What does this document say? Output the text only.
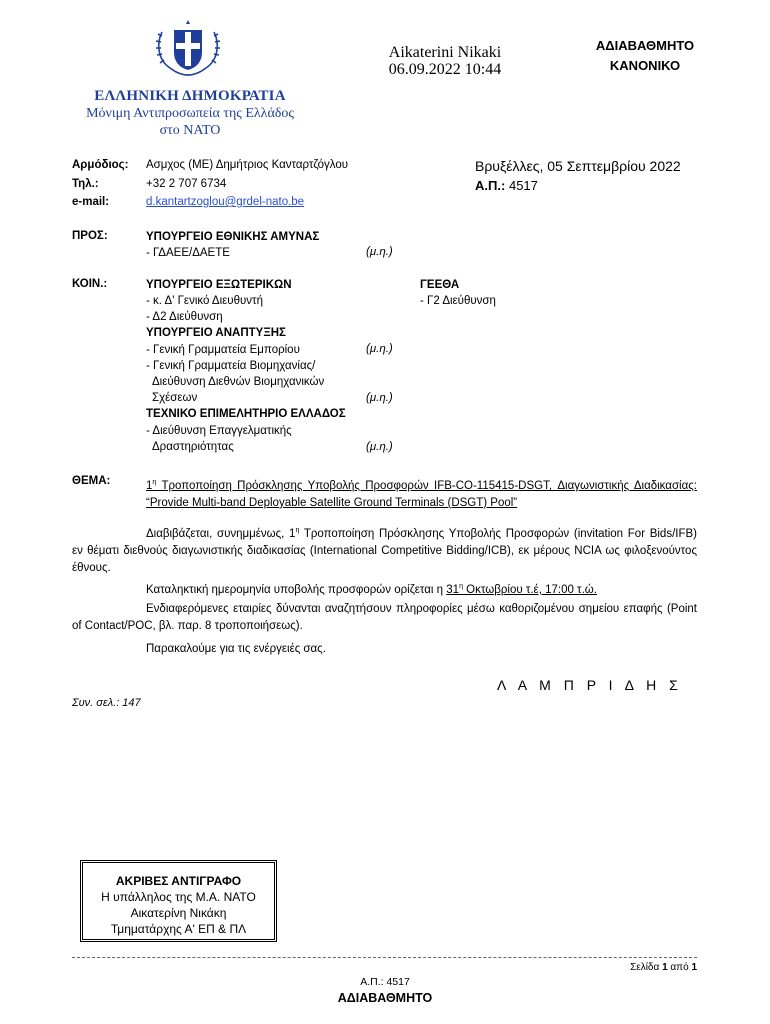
ΕΛΛΗΝΙΚΗ ΔΗΜΟΚΡΑΤΙΑ
Μόνιμη Αντιπροσωπεία της Ελλάδος
στο ΝΑΤΟ
Aikaterini Nikaki
06.09.2022 10:44
ΑΔΙΑΒΑΘΜΗΤΟ
ΚΑΝΟΝΙΚΟ
Αρμόδιος: Ασμχος (ΜΕ) Δημήτριος Κανταρτζόγλου
Τηλ.:	+32 2 707 6734
e-mail:	d.kantartzoglou@grdel-nato.be
Βρυξέλλες, 05 Σεπτεμβρίου 2022
Α.Π.: 4517
ΠΡΟΣ:	ΥΠΟΥΡΓΕΙΟ ΕΘΝΙΚΗΣ ΑΜΥΝΑΣ
- ΓΔΑΕΕ/ΔΑΕΤΕ	(μ.η.)
ΚΟΙΝ.:	ΥΠΟΥΡΓΕΙΟ ΕΞΩΤΕΡΙΚΩΝ
- κ. Δ' Γενικό Διευθυντή
- Δ2 Διεύθυνση
ΥΠΟΥΡΓΕΙΟ ΑΝΑΠΤΥΞΗΣ
- Γενική Γραμματεία Εμπορίου	(μ.η.)
- Γενική Γραμματεία Βιομηχανίας/
Διεύθυνση Διεθνών Βιομηχανικών
Σχέσεων	(μ.η.)
ΤΕΧΝΙΚΟ ΕΠΙΜΕΛΗΤΗΡΙΟ ΕΛΛΑΔΟΣ
- Διεύθυνση Επαγγελματικής
Δραστηριότητας	(μ.η.)
ΓΕΕΘΑ
- Γ2 Διεύθυνση
ΘΕΜΑ:	$1^\eta$ Τροποποίηση Πρόσκλησης Υποβολής Προσφορών IFB-CO-115415-DSGT, Διαγωνιστικής Διαδικασίας: “Provide Multi-band Deployable Satellite Ground Terminals (DSGT) Pool”
Διαβιβάζεται, συνημμένως, $1^\eta$ Τροποποίηση Πρόσκλησης Υποβολής Προσφορών (invitation For Bids/IFB) εν θέματι διεθνούς διαγωνιστικής διαδικασίας (International Competitive Bidding/ICB), εκ μέρους NCIA ως φιλοξενούντος έθνους.
Καταληκτική ημερομηνία υποβολής προσφορών ορίζεται η $31^\eta$ Οκτωβρίου τ.έ, 17:00 τ.ώ.
Ενδιαφερόμενες εταιρίες δύνανται αναζητήσουν πληροφορίες μέσω καθοριζομένου σημείου επαφής (Point of Contact/POC, βλ. παρ. 8 τροποποιήσεως).
Παρακαλούμε για τις ενέργειές σας.
Λ Α Μ Π Ρ Ι Δ Η Σ
Συν. σελ.: 147
ΑΚΡΙΒΕΣ ΑΝΤΙΓΡΑΦΟ
Η υπάλληλος της Μ.Α. ΝΑΤΟ
Αικατερίνη Νικάκη
Τμηματάρχης Α' ΕΠ & ΠΛ
Σελίδα 1 από 1
Α.Π.: 4517
ΑΔΙΑΒΑΘΜΗΤΟ
